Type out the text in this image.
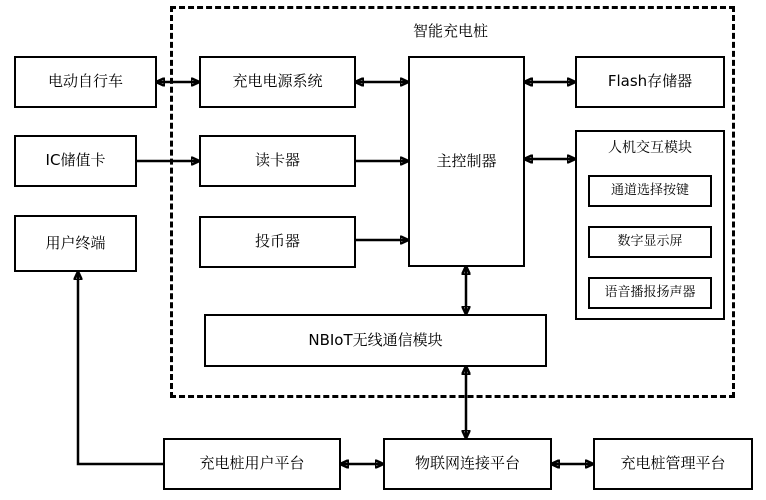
智能充电桩
电动自行车
IC储值卡
用户终端
充电电源系统
读卡器
投币器
主控制器
Flash存储器
人机交互模块
通道选择按键
数字显示屏
语音播报扬声器
NBIoT无线通信模块
充电桩用户平台	物联网连接平台	充电桩管理平台
